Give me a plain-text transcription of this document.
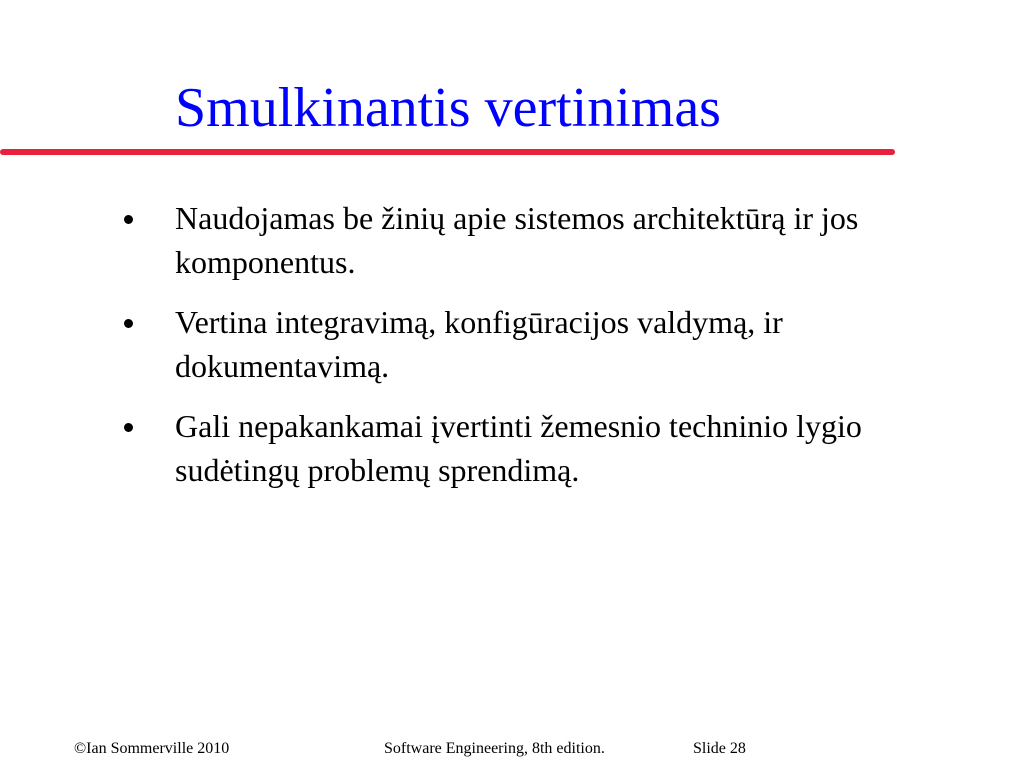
Smulkinantis vertinimas
Naudojamas be žinių apie sistemos architektūrą ir jos komponentus.
Vertina integravimą, konfigūracijos valdymą, ir dokumentavimą.
Gali nepakankamai įvertinti žemesnio techninio lygio sudėtingų problemų sprendimą.
©Ian Sommerville 2010	Software Engineering, 8th edition.	Slide 28
